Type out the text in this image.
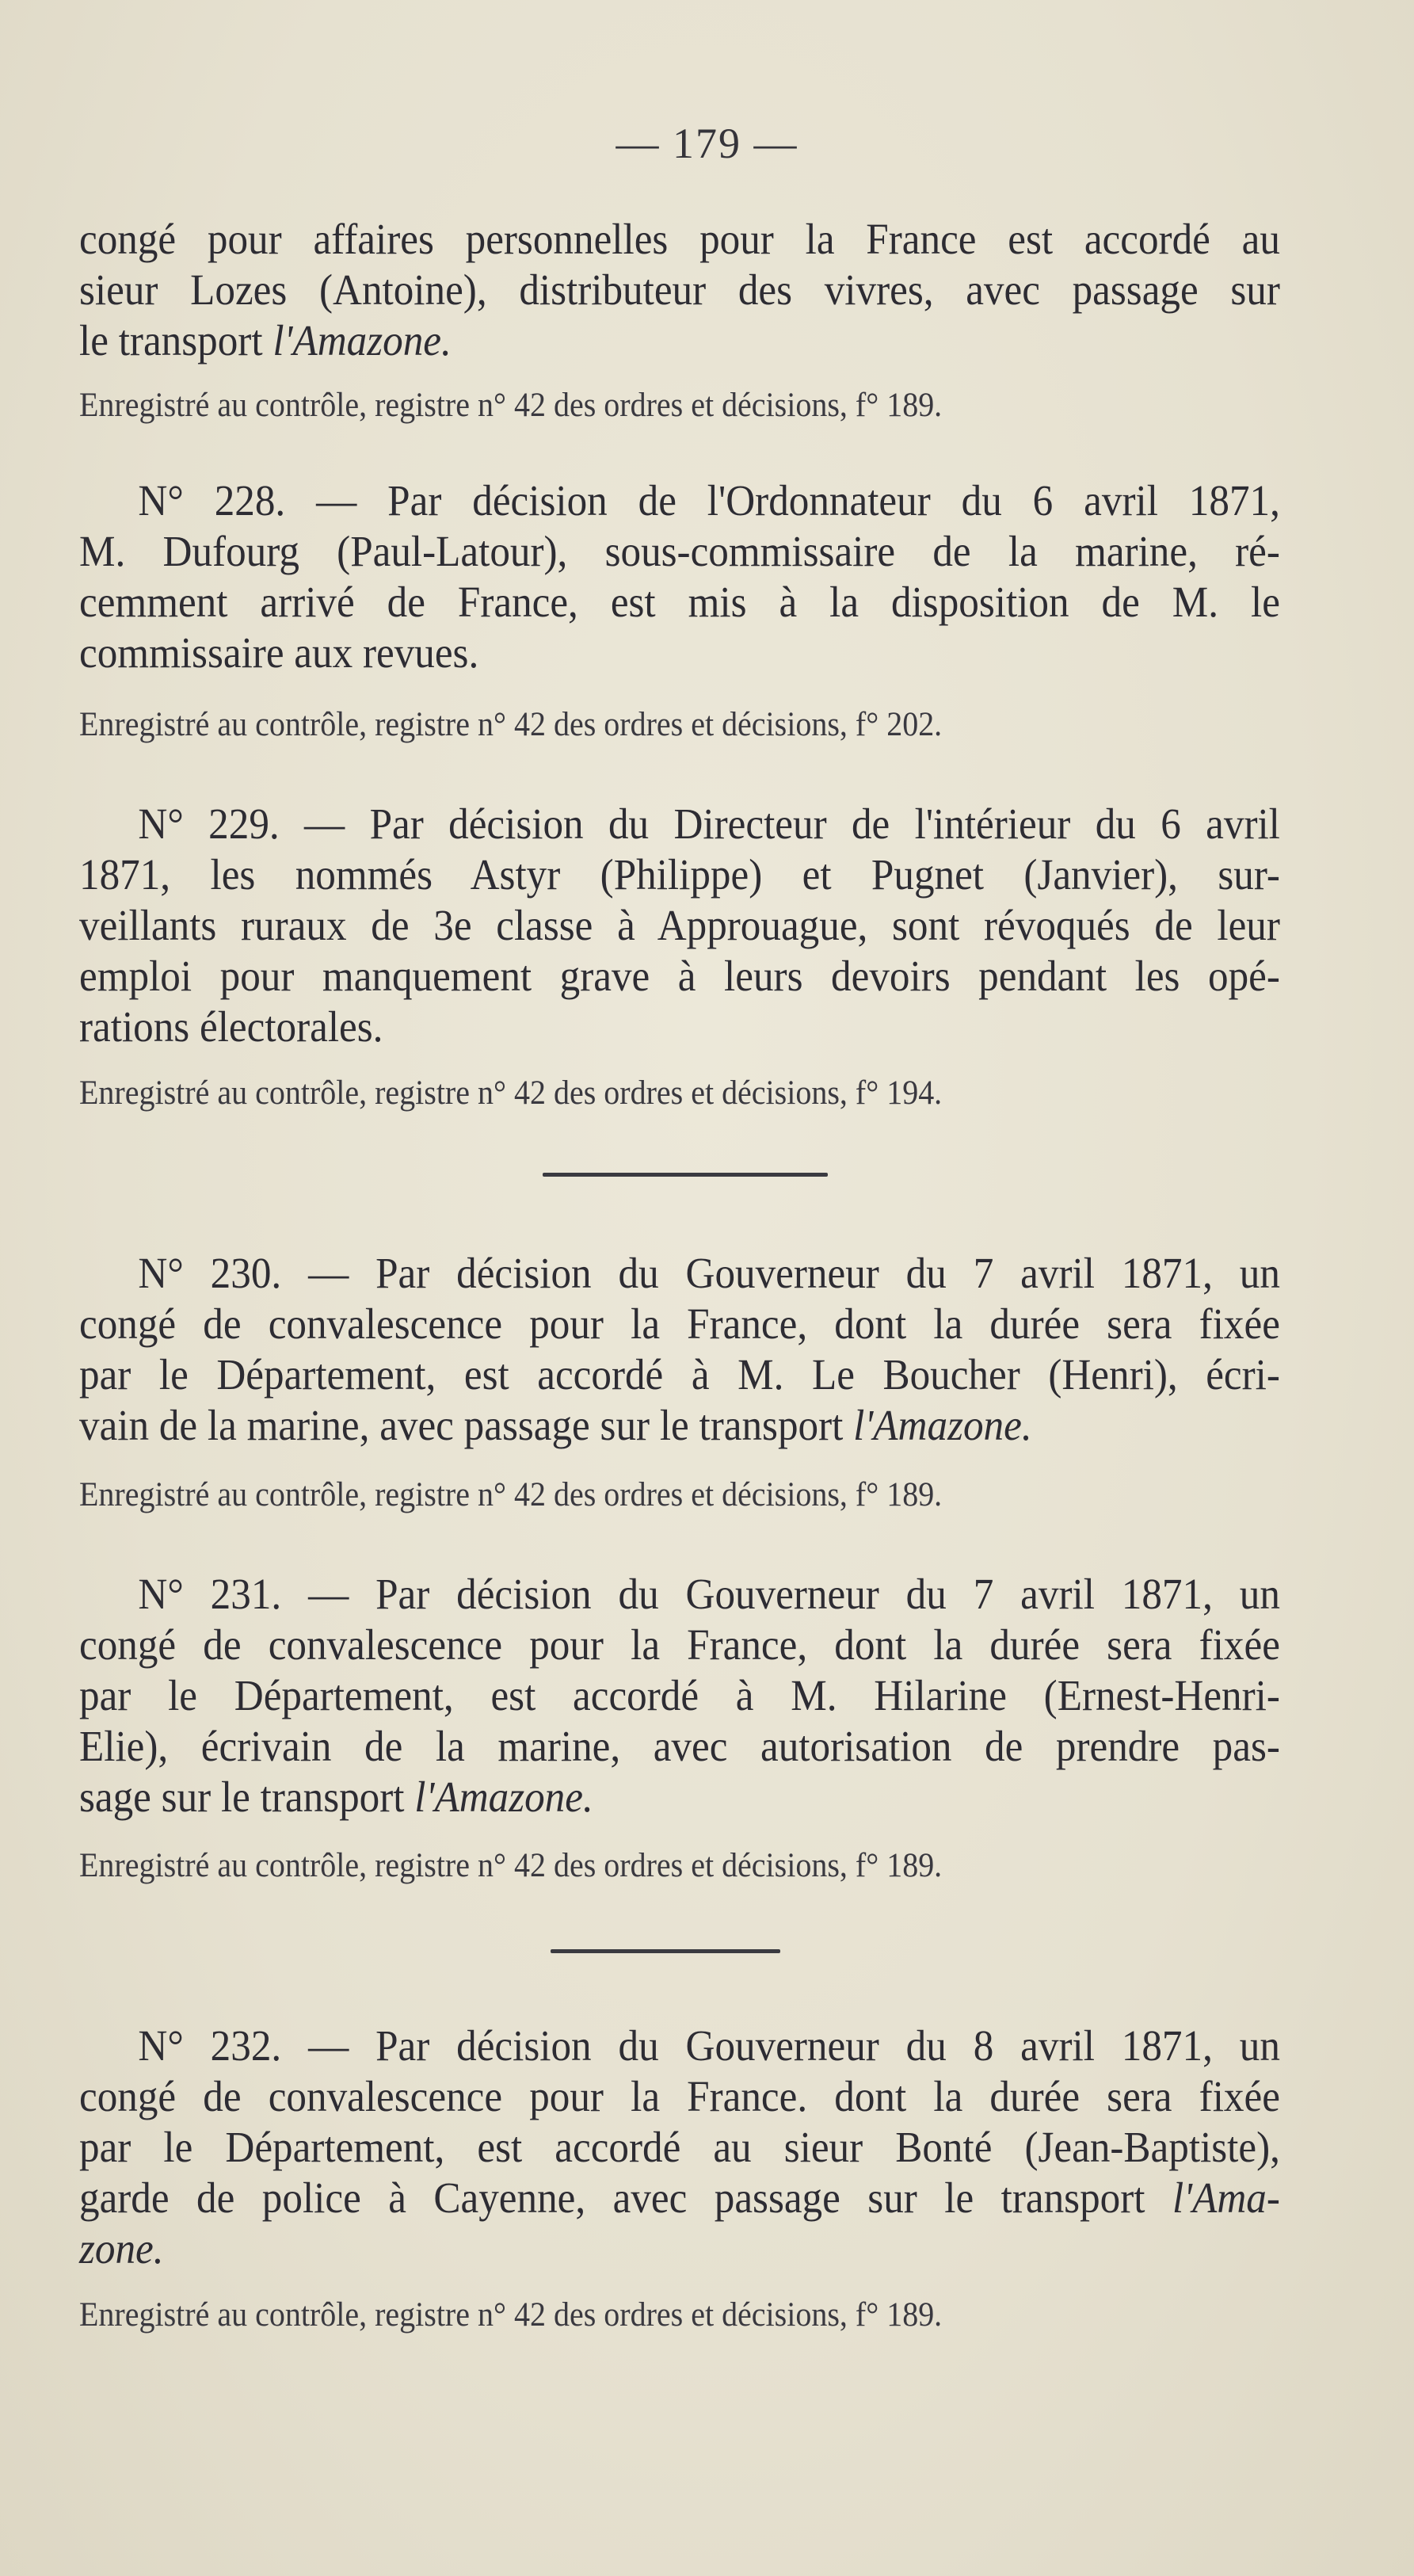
— 179 —
congé pour affaires personnelles pour la France est accordé au
sieur Lozes (Antoine), distributeur des vivres, avec passage sur
le transport l'Amazone.
Enregistré au contrôle, registre n° 42 des ordres et décisions, f° 189.
N° 228. — Par décision de l'Ordonnateur du 6 avril 1871,
M. Dufourg (Paul-Latour), sous-commissaire de la marine, ré-
cemment arrivé de France, est mis à la disposition de M. le
commissaire aux revues.
Enregistré au contrôle, registre n° 42 des ordres et décisions, f° 202.
N° 229. — Par décision du Directeur de l'intérieur du 6 avril
1871, les nommés Astyr (Philippe) et Pugnet (Janvier), sur-
veillants ruraux de 3e classe à Approuague, sont révoqués de leur
emploi pour manquement grave à leurs devoirs pendant les opé-
rations électorales.
Enregistré au contrôle, registre n° 42 des ordres et décisions, f° 194.
N° 230. — Par décision du Gouverneur du 7 avril 1871, un
congé de convalescence pour la France, dont la durée sera fixée
par le Département, est accordé à M. Le Boucher (Henri), écri-
vain de la marine, avec passage sur le transport l'Amazone.
Enregistré au contrôle, registre n° 42 des ordres et décisions, f° 189.
N° 231. — Par décision du Gouverneur du 7 avril 1871, un
congé de convalescence pour la France, dont la durée sera fixée
par le Département, est accordé à M. Hilarine (Ernest-Henri-
Elie), écrivain de la marine, avec autorisation de prendre pas-
sage sur le transport l'Amazone.
Enregistré au contrôle, registre n° 42 des ordres et décisions, f° 189.
N° 232. — Par décision du Gouverneur du 8 avril 1871, un
congé de convalescence pour la France. dont la durée sera fixée
par le Département, est accordé au sieur Bonté (Jean-Baptiste),
garde de police à Cayenne, avec passage sur le transport l'Ama-
zone.
Enregistré au contrôle, registre n° 42 des ordres et décisions, f° 189.
